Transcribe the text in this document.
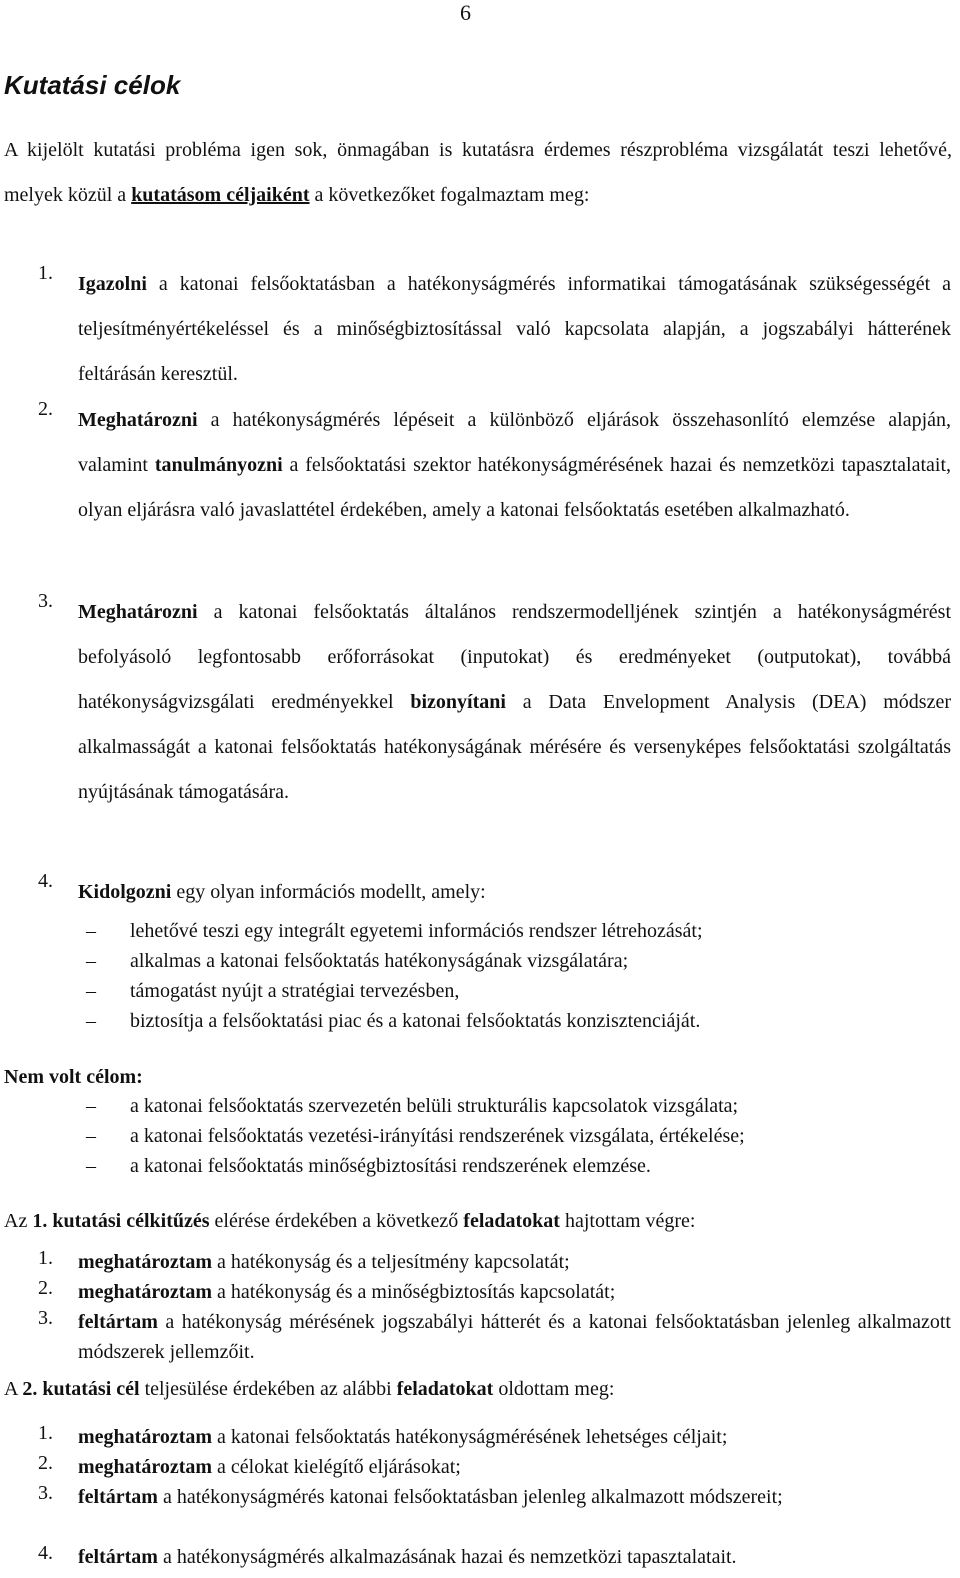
6
Kutatási célok

A kijelölt kutatási probléma igen sok, önmagában is kutatásra érdemes részprobléma vizsgálatát teszi lehetővé, melyek közül a kutatásom céljaiként a következőket fogalmaztam meg:

1.	Igazolni a katonai felsőoktatásban a hatékonyságmérés informatikai támogatásának szükségességét a teljesítményértékeléssel és a minőségbiztosítással való kapcsolata alapján, a jogszabályi hátterének feltárásán keresztül.

2.	Meghatározni a hatékonyságmérés lépéseit a különböző eljárások összehasonlító elemzése alapján, valamint tanulmányozni a felsőoktatási szektor hatékonyságmérésének hazai és nemzetközi tapasztalatait, olyan eljárásra való javaslattétel érdekében, amely a katonai felsőoktatás esetében alkalmazható.

3.	Meghatározni a katonai felsőoktatás általános rendszermodelljének szintjén a hatékonyságmérést befolyásoló legfontosabb erőforrásokat (inputokat) és eredményeket (outputokat), továbbá hatékonyságvizsgálati eredményekkel bizonyítani a Data Envelopment Analysis (DEA) módszer alkalmasságát a katonai felsőoktatás hatékonyságának mérésére és versenyképes felsőoktatási szolgáltatás nyújtásának támogatására.

4.	Kidolgozni egy olyan információs modellt, amely:

–	lehetővé teszi egy integrált egyetemi információs rendszer létrehozását;
–	alkalmas a katonai felsőoktatás hatékonyságának vizsgálatára;
–	támogatást nyújt a stratégiai tervezésben,
–	biztosítja a felsőoktatási piac és a katonai felsőoktatás konzisztenciáját.
Nem volt célom:
–	a katonai felsőoktatás szervezetén belüli strukturális kapcsolatok vizsgálata;
–	a katonai felsőoktatás vezetési-irányítási rendszerének vizsgálata, értékelése;
–	a katonai felsőoktatás minőségbiztosítási rendszerének elemzése.
Az 1. kutatási célkitűzés elérése érdekében a következő feladatokat hajtottam végre:
1.	meghatároztam a hatékonyság és a teljesítmény kapcsolatát;

2.	meghatároztam a hatékonyság és a minőségbiztosítás kapcsolatát;

3.	feltártam a hatékonyság mérésének jogszabályi hátterét és a katonai felsőoktatásban jelenleg alkalmazott módszerek jellemzőit.

A 2. kutatási cél teljesülése érdekében az alábbi feladatokat oldottam meg:
1.	meghatároztam a katonai felsőoktatás hatékonyságmérésének lehetséges céljait;

2.	meghatároztam a célokat kielégítő eljárásokat;

3.	feltártam a hatékonyságmérés katonai felsőoktatásban jelenleg alkalmazott módszereit;

4.	feltártam a hatékonyságmérés alkalmazásának hazai és nemzetközi tapasztalatait.
